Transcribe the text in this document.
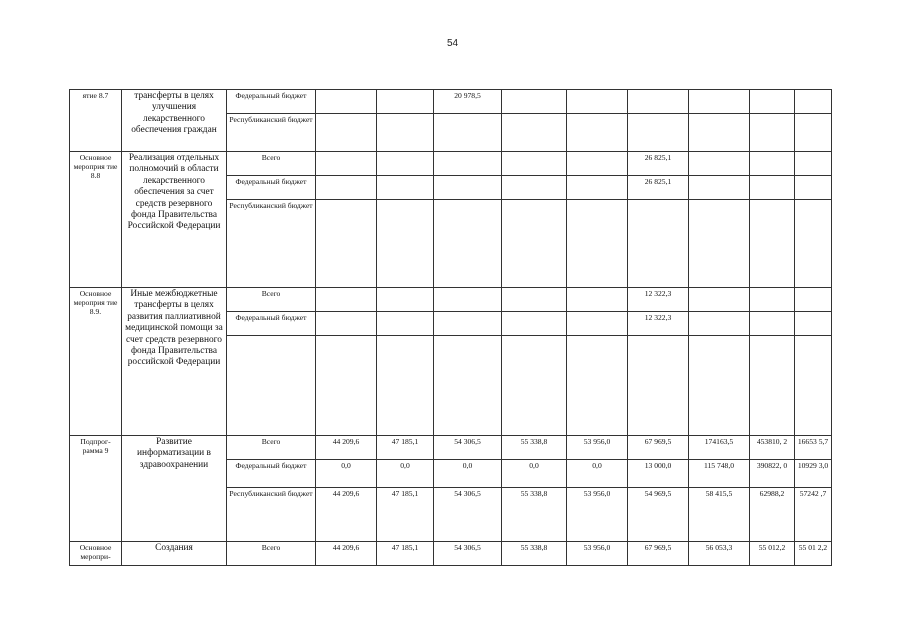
54
ятие 8.7	трансферты в целях улучшения лекарственного обеспечения граждан	Федеральный бюджет			20 978,5						
		Республиканский бюджет									
Основное мероприя тие 8.8	Реализация отдельных полномочий в области лекарственного обеспечения за счет средств резервного фонда Правительства Российской Федерации	Всего						26 825,1			
		Федеральный бюджет						26 825,1			
		Республиканский бюджет									
Основное мероприя тие 8.9.	Иные межбюджетные трансферты в целях развития паллиативной медицинской помощи за счет средств резервного фонда Правительства российской Федерации	Всего						12 322,3			
		Федеральный бюджет						12 322,3			

Подпрог- рамма 9	Развитие информатизации в здравоохранении	Всего	44 209,6	47 185,1	54 306,5	55 338,8	53 956,0	67 969,5	174163,5	453810, 2	16653 5,7
		Федеральный бюджет	0,0	0,0	0,0	0,0	0,0	13 000,0	115 748,0	390822, 0	10929 3,0
		Республиканский бюджет	44 209,6	47 185,1	54 306,5	55 338,8	53 956,0	54 969,5	58 415,5	62988,2	57242 ,7
Основное меропри-	Создания	Всего	44 209,6	47 185,1	54 306,5	55 338,8	53 956,0	67 969,5	56 053,3	55 012,2	55 01 2,2
